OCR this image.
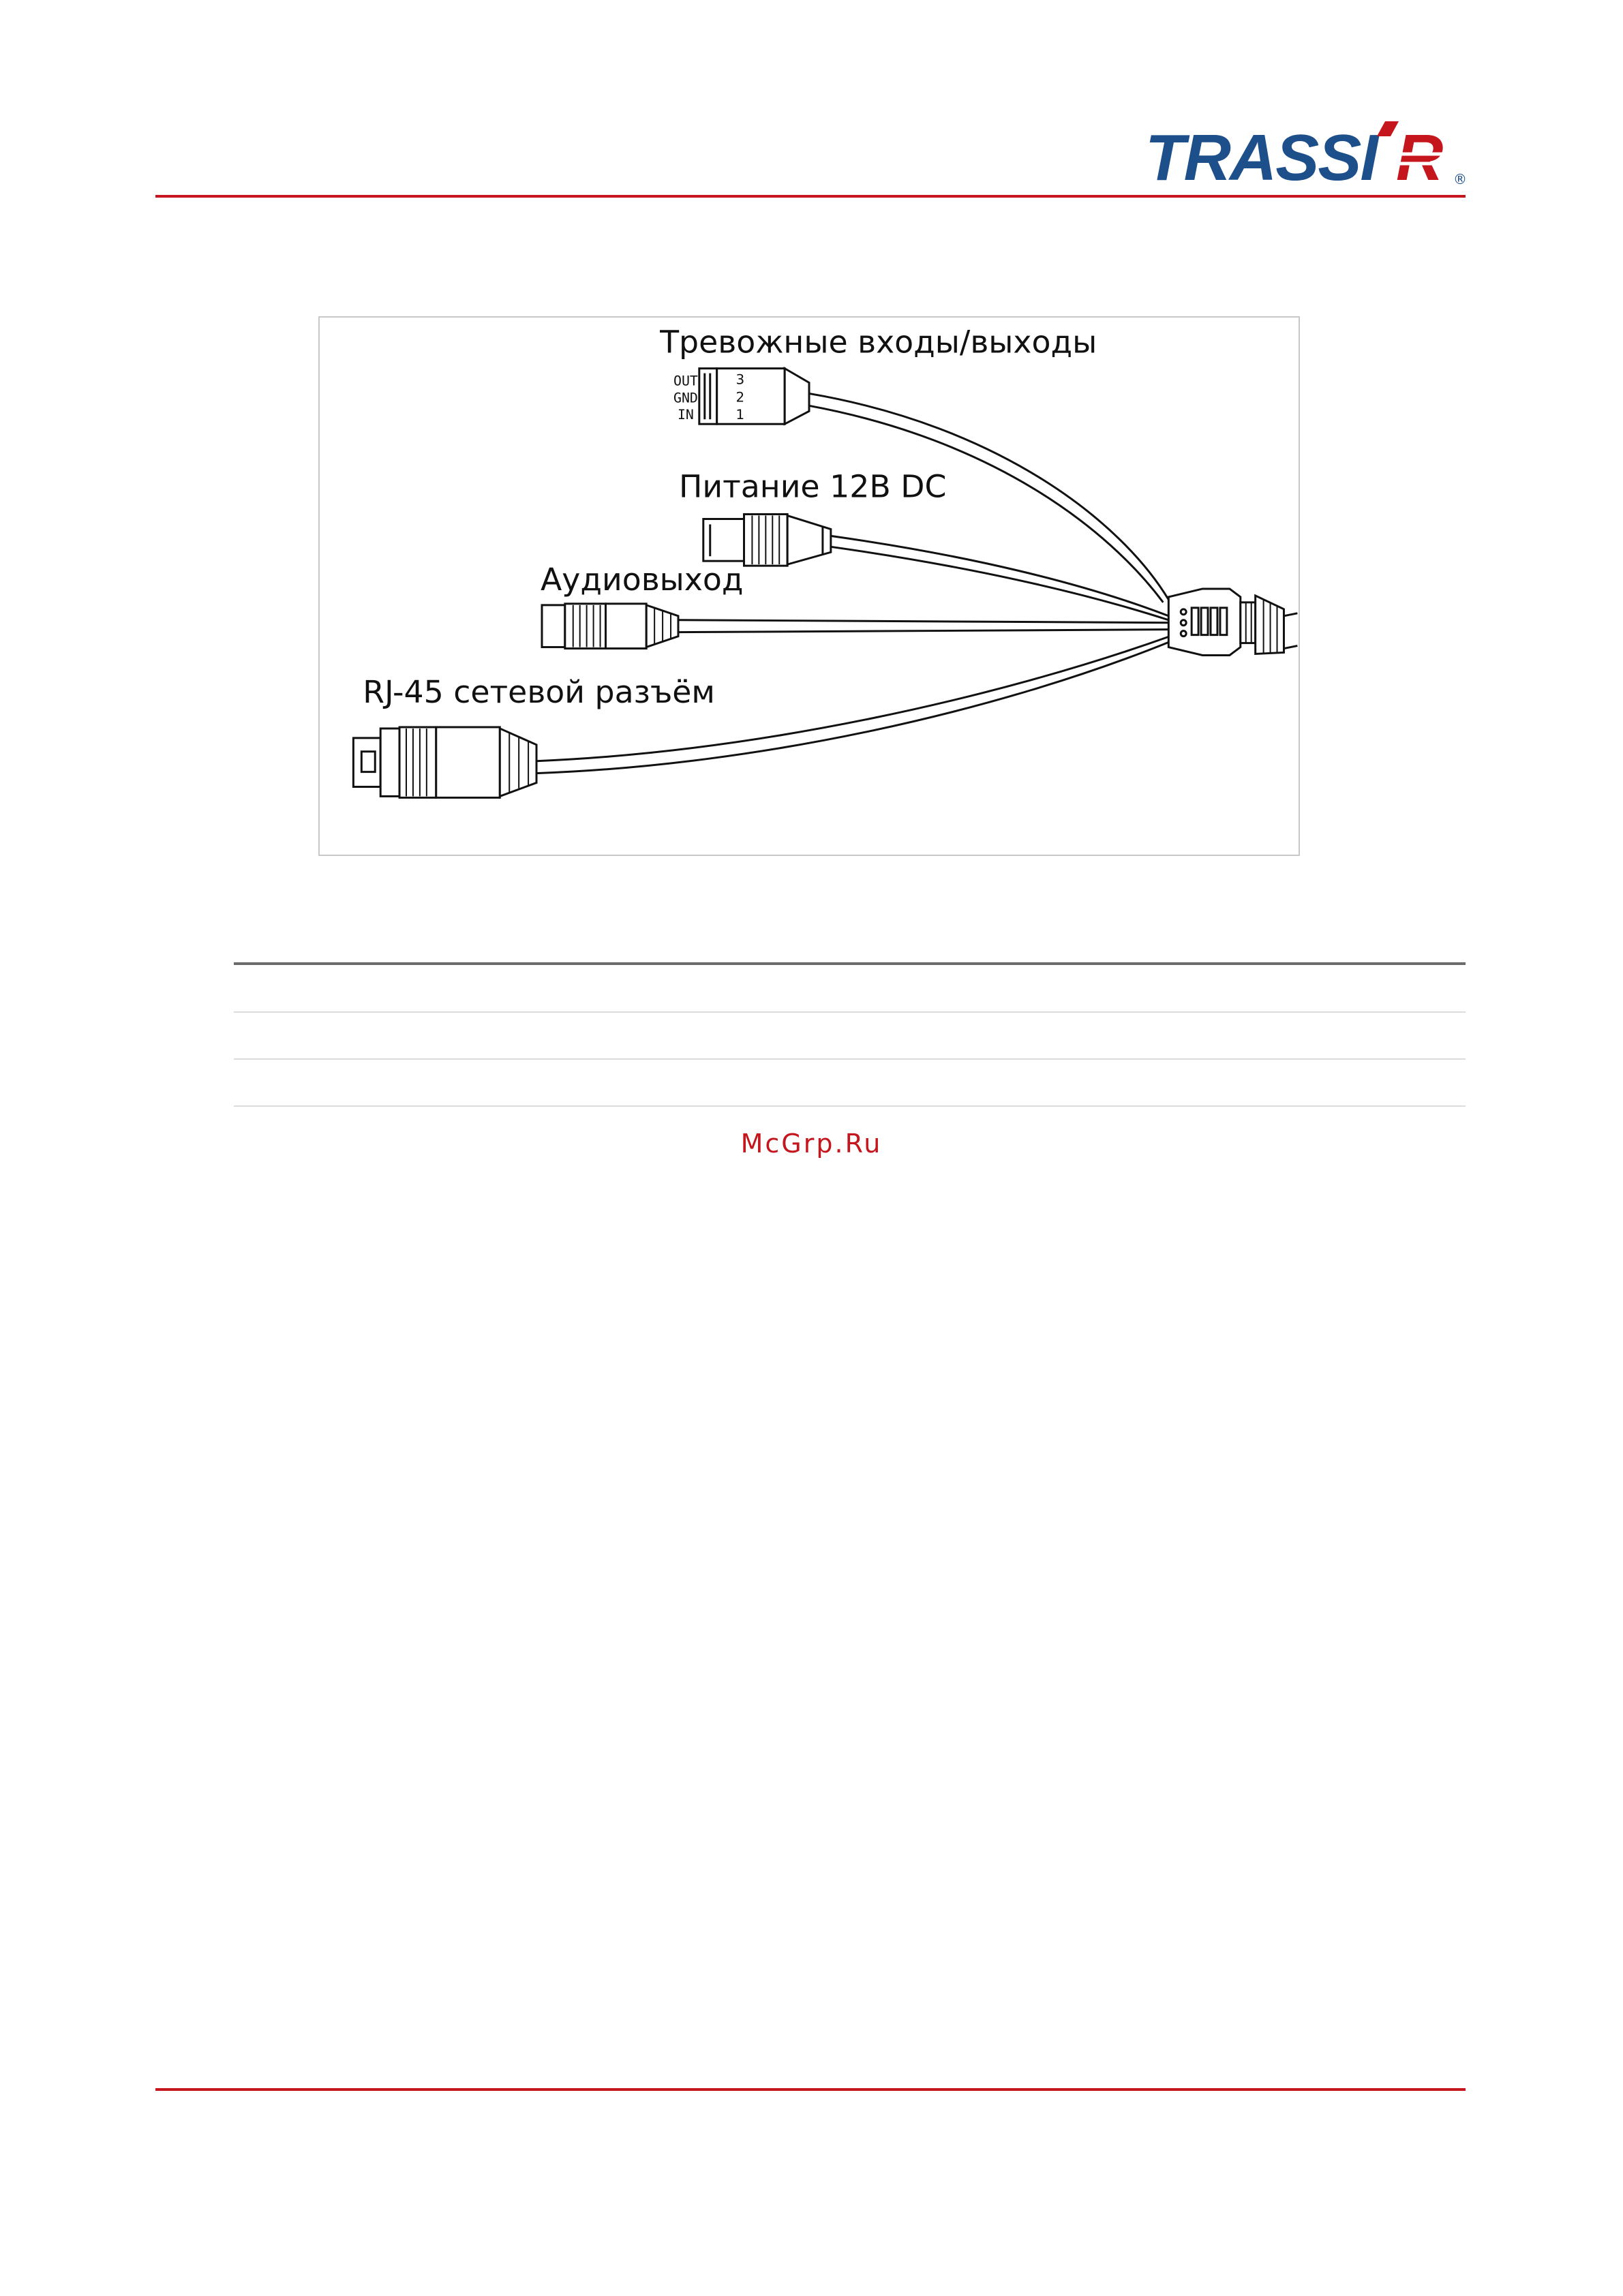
TRASSI R ®
Тревожные входы/выходы
Питание 12В DC
Аудиовыход
RJ-45 сетевой разъём
OUT
GND
IN
3
2
1
McGrp.Ru
